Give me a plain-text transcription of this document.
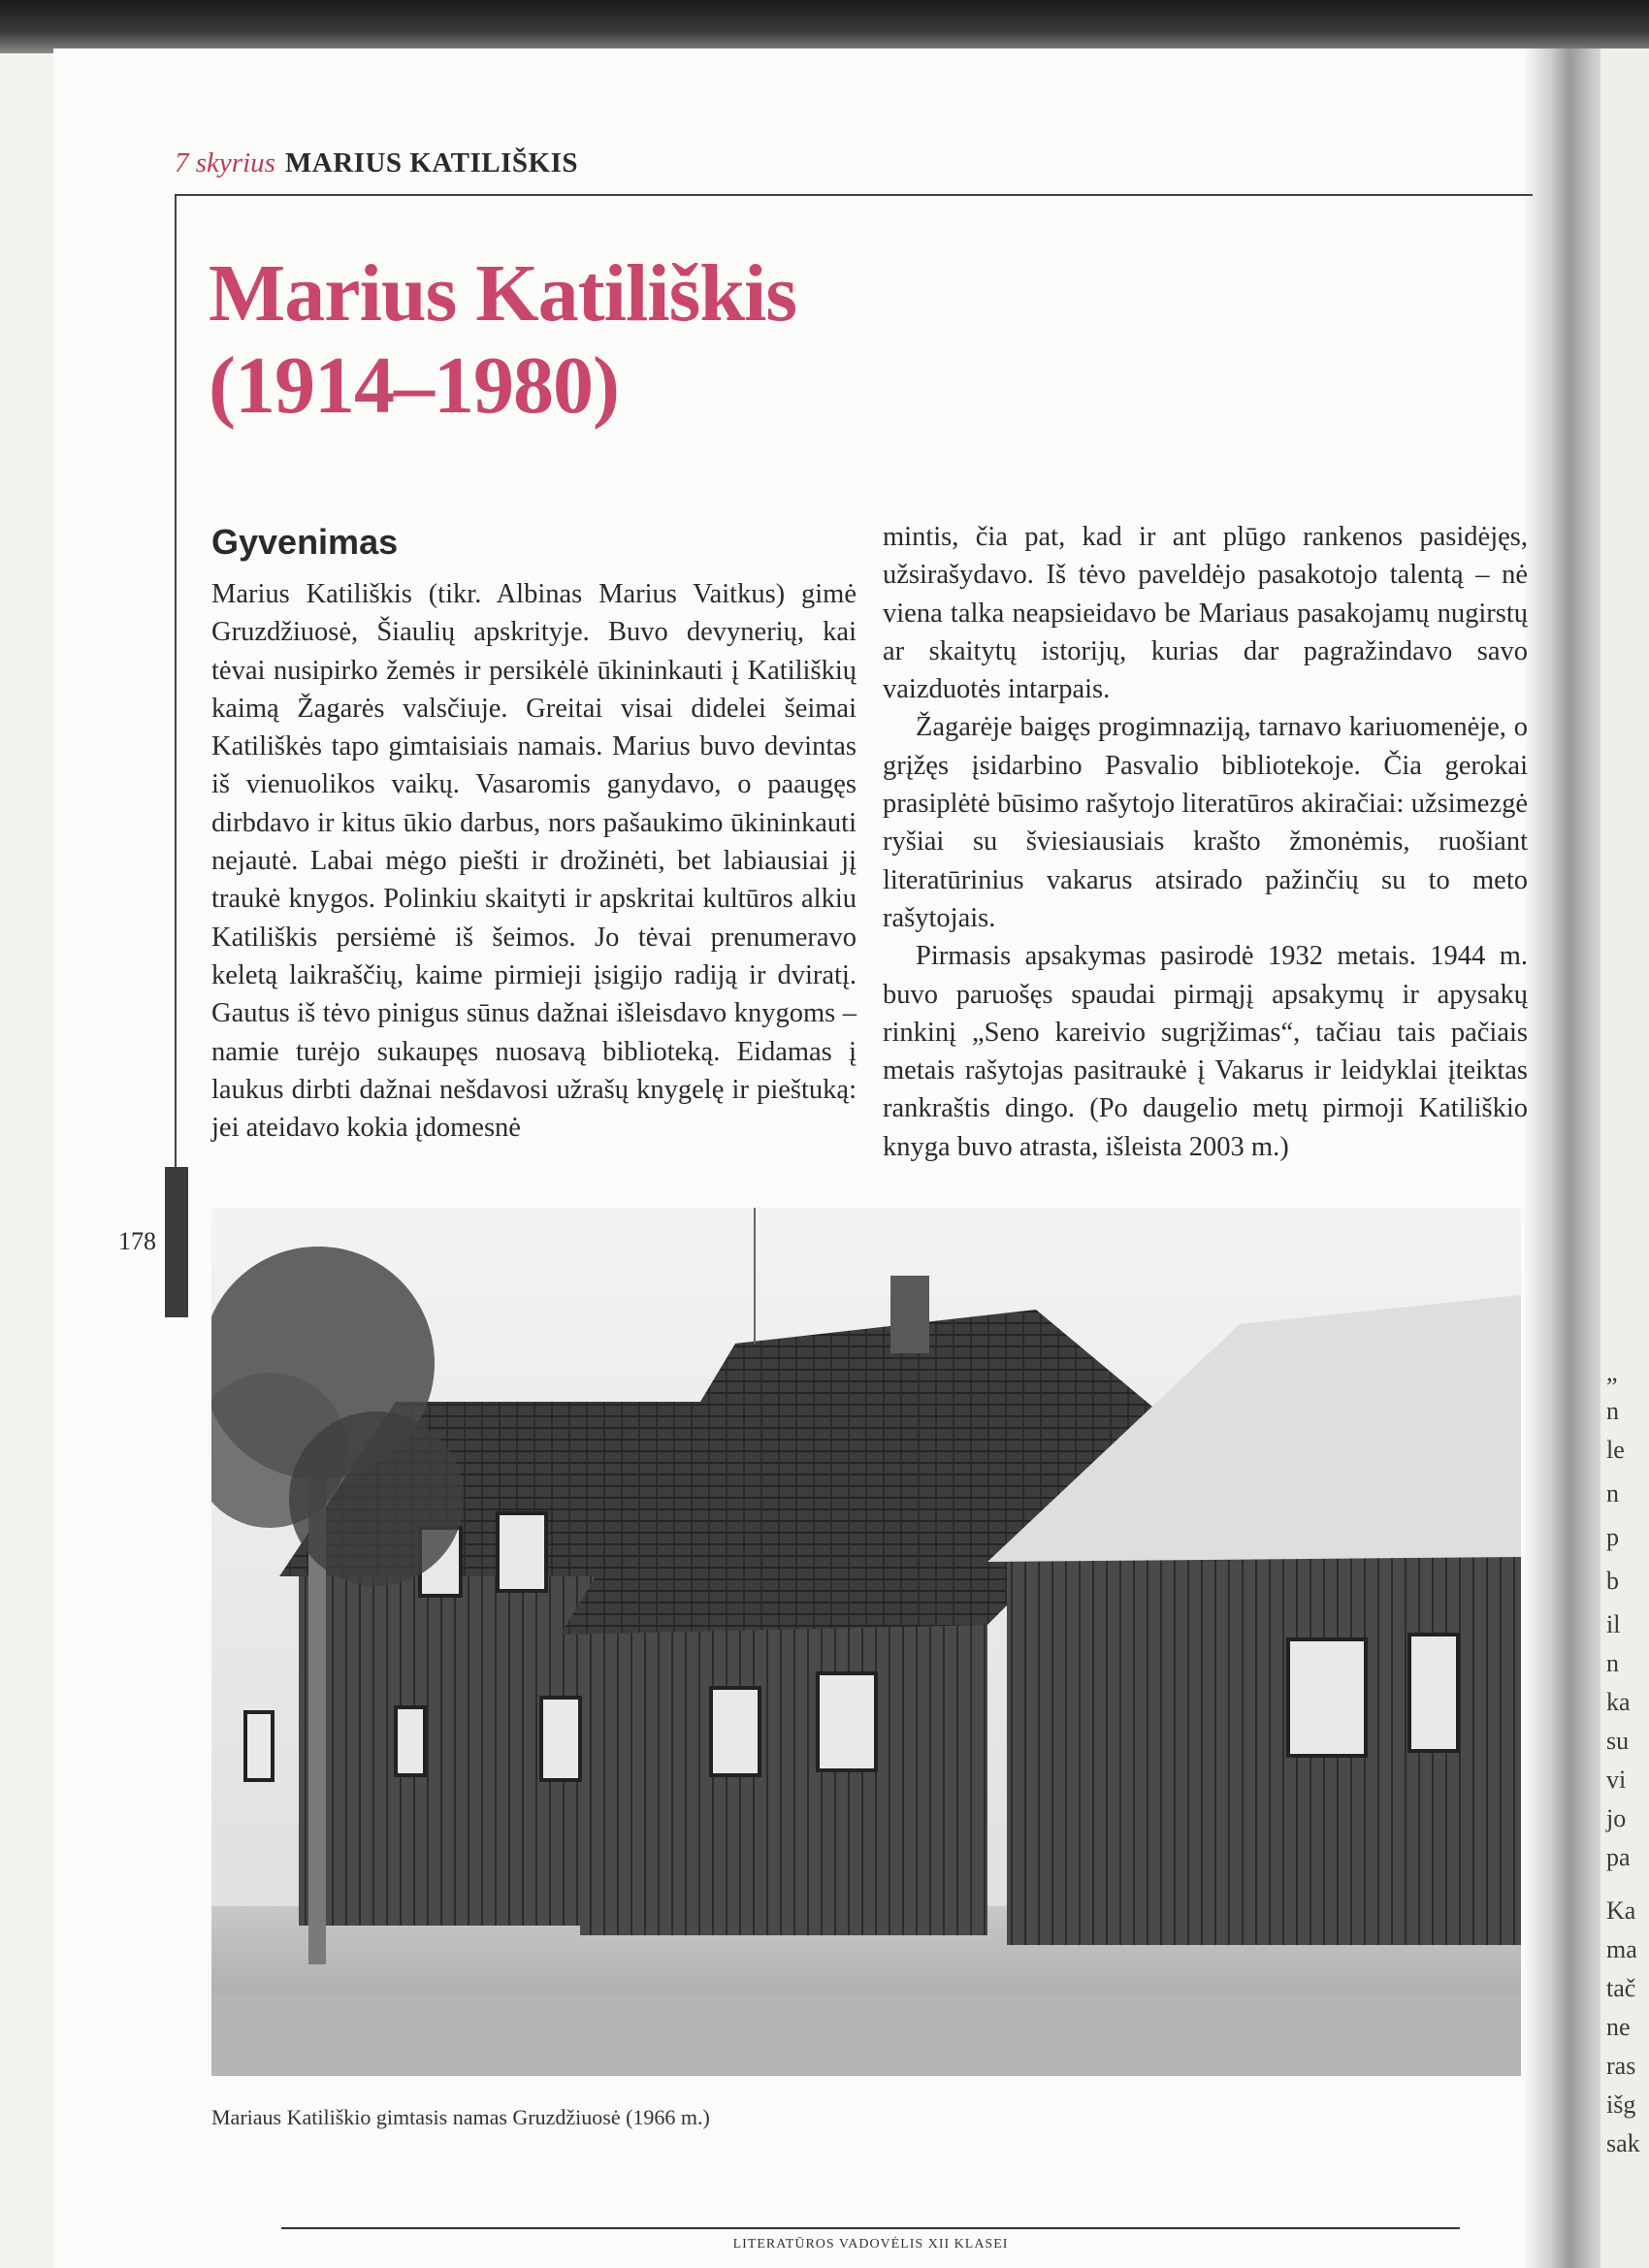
„
n
le
n
p
b
il
n
ka
su
vi
jo
pa
Ka
ma
tač
ne
ras
išg
sak
7 skyrius MARIUS KATILIŠKIS
Marius Katiliškis
(1914–1980)
Gyvenimas

Marius Katiliškis (tikr. Albinas Marius Vaitkus) gimė Gruzdžiuosė, Šiaulių apskrityje. Buvo devynerių, kai tėvai nusipirko žemės ir persikėlė ūkininkauti į Katiliškių kaimą Žagarės valsčiuje. Greitai visai didelei šeimai Katiliškės tapo gimtaisiais namais. Marius buvo devintas iš vienuolikos vaikų. Vasaromis ganydavo, o paaugęs dirbdavo ir kitus ūkio darbus, nors pašaukimo ūkininkauti nejautė. Labai mėgo piešti ir drožinėti, bet labiausiai jį traukė knygos. Polinkiu skaityti ir apskritai kultūros alkiu Katiliškis persiėmė iš šeimos. Jo tėvai prenumeravo keletą laikraščių, kaime pirmieji įsigijo radiją ir dviratį. Gautus iš tėvo pinigus sūnus dažnai išleisdavo knygoms – namie turėjo sukaupęs nuosavą biblioteką. Eidamas į laukus dirbti dažnai nešdavosi užrašų knygelę ir pieštuką: jei ateidavo kokia įdomesnė

mintis, čia pat, kad ir ant plūgo rankenos pasidėjęs, užsirašydavo. Iš tėvo paveldėjo pasakotojo talentą – nė viena talka neapsieidavo be Mariaus pasakojamų nugirstų ar skaitytų istorijų, kurias dar pagražindavo savo vaizduotės intarpais.

Žagarėje baigęs progimnaziją, tarnavo kariuomenėje, o grįžęs įsidarbino Pasvalio bibliotekoje. Čia gerokai prasiplėtė būsimo rašytojo literatūros akiračiai: užsimezgė ryšiai su šviesiausiais krašto žmonėmis, ruošiant literatūrinius vakarus atsirado pažinčių su to meto rašytojais.

Pirmasis apsakymas pasirodė 1932 metais. 1944 m. buvo paruošęs spaudai pirmąjį apsakymų ir apysakų rinkinį „Seno kareivio sugrįžimas“, tačiau tais pačiais metais rašytojas pasitraukė į Vakarus ir leidyklai įteiktas rankraštis dingo. (Po daugelio metų pirmoji Katiliškio knyga buvo atrasta, išleista 2003 m.)

178
Mariaus Katiliškio gimtasis namas Gruzdžiuosė (1966 m.)
LITERATŪROS VADOVĖLIS XII KLASEI
